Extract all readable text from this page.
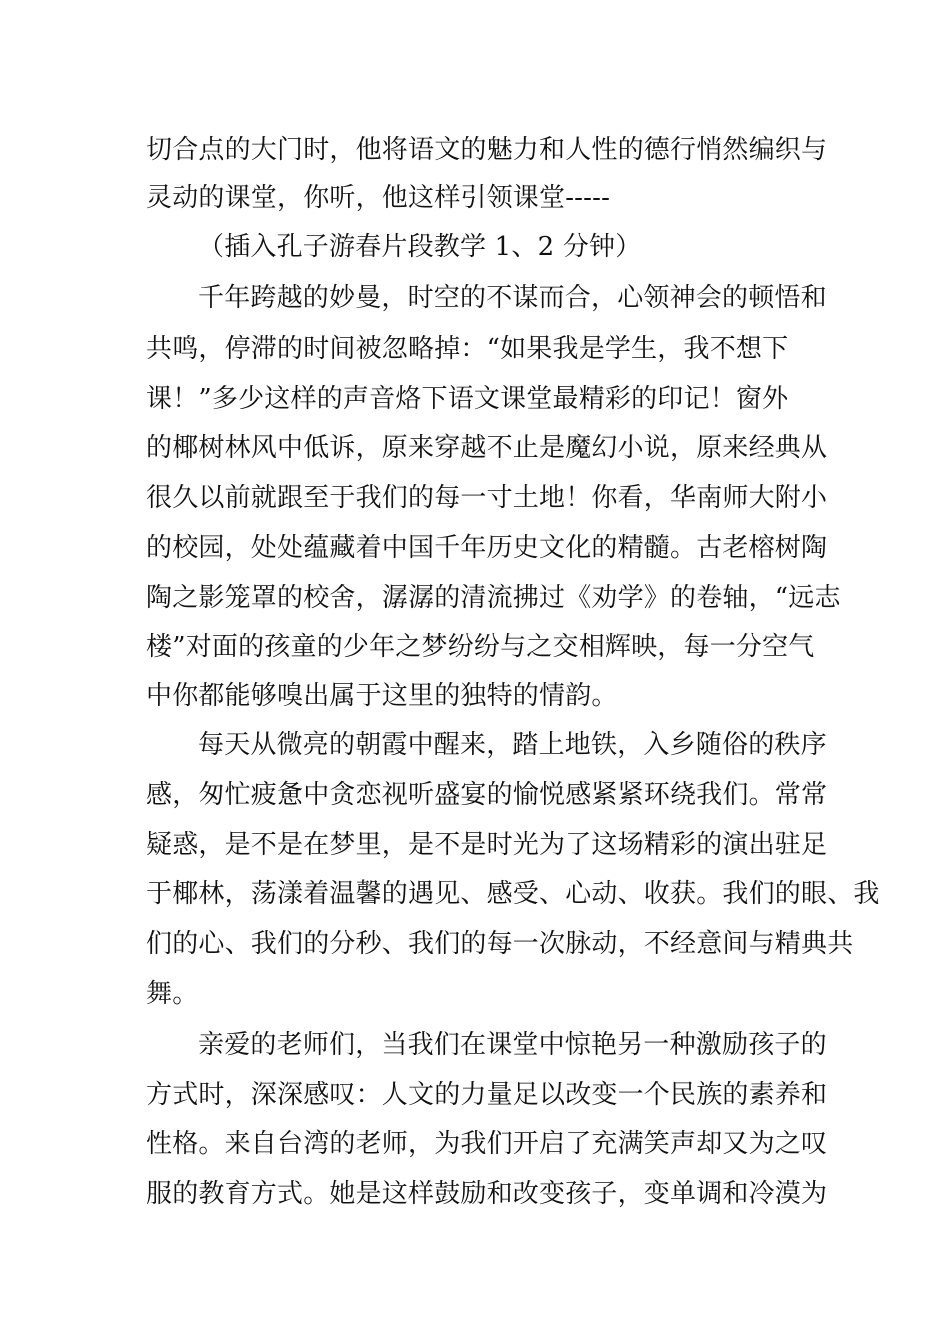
切合点的大门时，他将语文的魅力和人性的德行悄然编织与
灵动的课堂，你听，他这样引领课堂-----
（插入孔子游春片段教学 1、2 分钟）
千年跨越的妙曼，时空的不谋而合，心领神会的顿悟和
共鸣，停滞的时间被忽略掉：“如果我是学生，我不想下
课！”多少这样的声音烙下语文课堂最精彩的印记！窗外
的椰树林风中低诉，原来穿越不止是魔幻小说，原来经典从
很久以前就跟至于我们的每一寸土地！你看，华南师大附小
的校园，处处蕴藏着中国千年历史文化的精髓。古老榕树陶
陶之影笼罩的校舍，潺潺的清流拂过《劝学》的卷轴，“远志
楼”对面的孩童的少年之梦纷纷与之交相辉映，每一分空气
中你都能够嗅出属于这里的独特的情韵。
每天从微亮的朝霞中醒来，踏上地铁，入乡随俗的秩序
感，匆忙疲惫中贪恋视听盛宴的愉悦感紧紧环绕我们。常常
疑惑，是不是在梦里，是不是时光为了这场精彩的演出驻足
于椰林，荡漾着温馨的遇见、感受、心动、收获。我们的眼、我
们的心、我们的分秒、我们的每一次脉动，不经意间与精典共
舞。
亲爱的老师们，当我们在课堂中惊艳另一种激励孩子的
方式时，深深感叹：人文的力量足以改变一个民族的素养和
性格。来自台湾的老师，为我们开启了充满笑声却又为之叹
服的教育方式。她是这样鼓励和改变孩子，变单调和冷漠为
